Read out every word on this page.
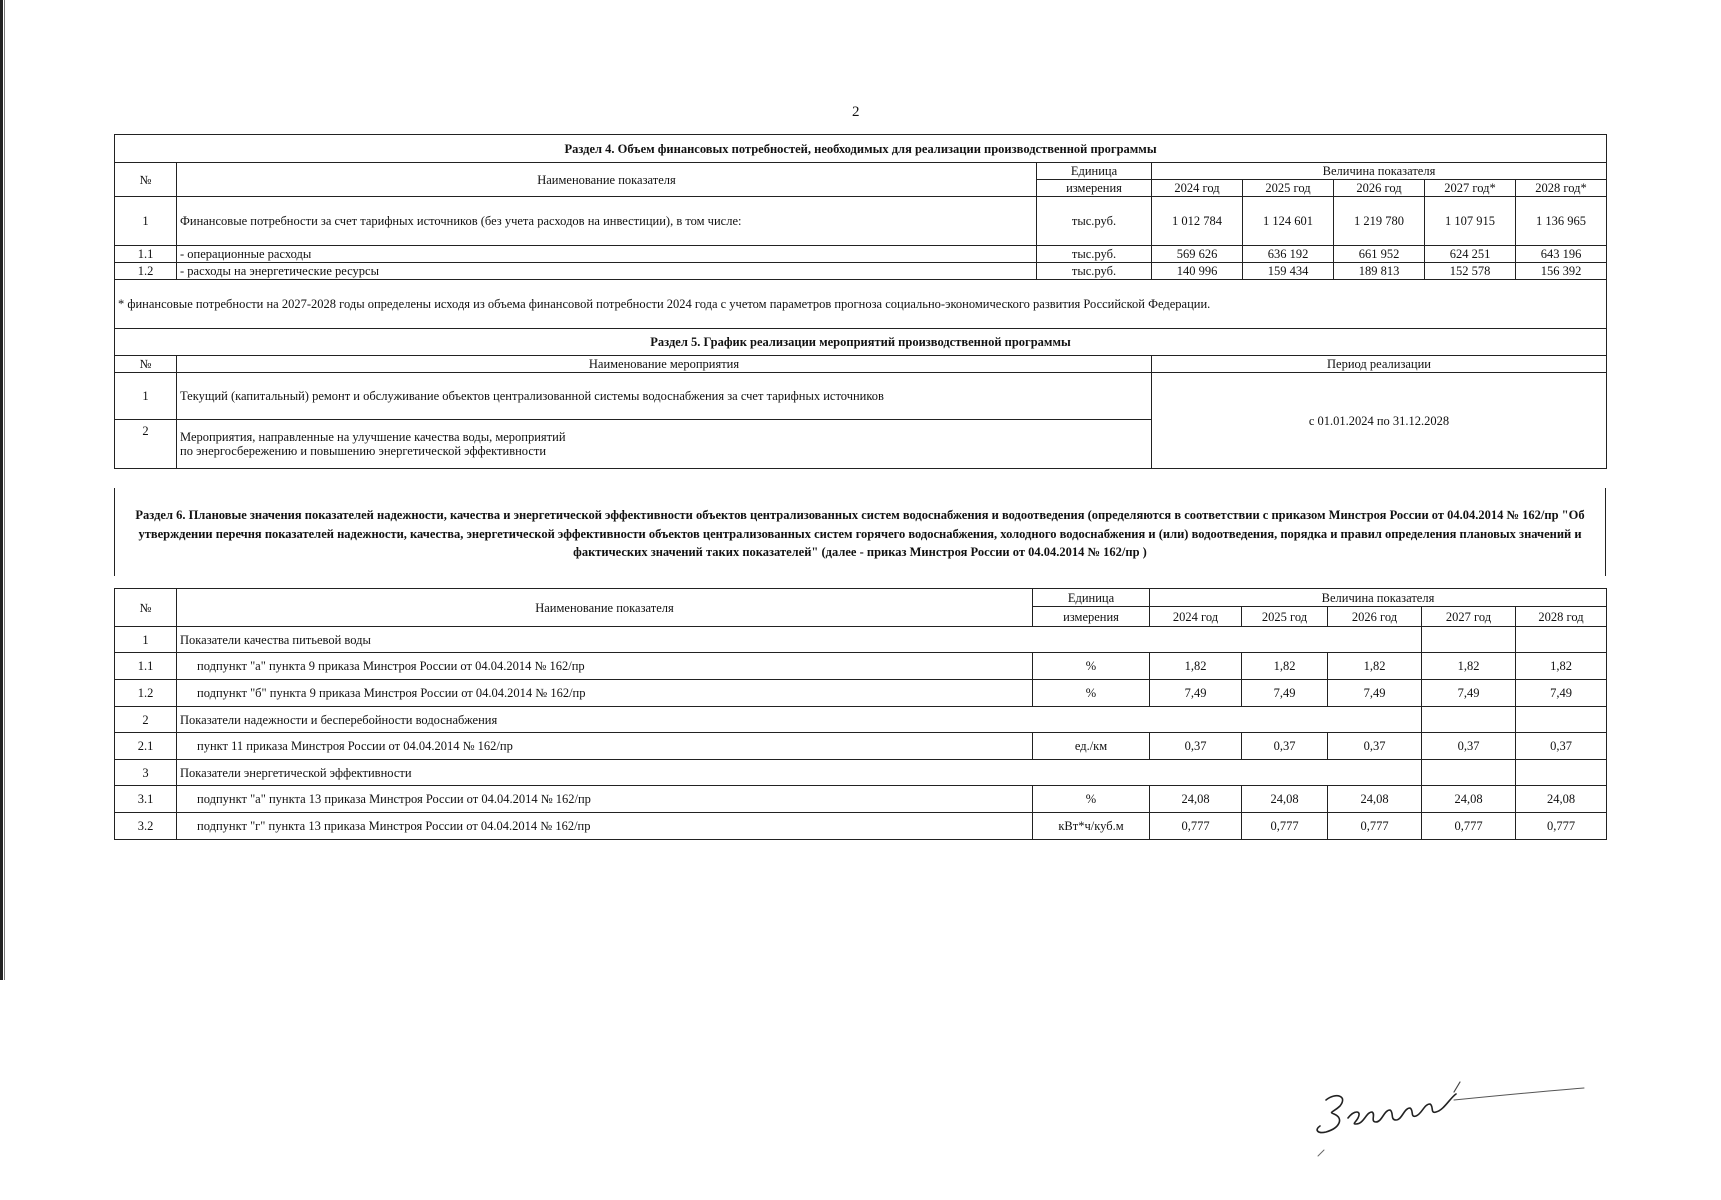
2
Раздел 4. Объем финансовых потребностей, необходимых для реализации производственной программы							
№	Наименование показателя	Единица	Величина показателя				
		измерения	2024 год	2025 год	2026 год	2027 год*	2028 год*
1	Финансовые потребности за счет тарифных источников (без учета расходов на инвестиции), в том числе:	тыс.руб.	1 012 784	1 124 601	1 219 780	1 107 915	1 136 965
1.1	- операционные расходы	тыс.руб.	569 626	636 192	661 952	624 251	643 196
1.2	- расходы на энергетические ресурсы	тыс.руб.	140 996	159 434	189 813	152 578	156 392
* финансовые потребности на 2027-2028 годы определены исходя из объема финансовой потребности 2024 года с учетом параметров прогноза социально-экономического развития Российской Федерации.							
Раздел 5. График реализации мероприятий производственной программы							
№	Наименование мероприятия		Период реализации				
1	Текущий (капитальный) ремонт и обслуживание объектов централизованной системы водоснабжения за счет тарифных источников		с 01.01.2024 по 31.12.2028				
2	Мероприятия, направленные на улучшение качества воды, мероприятий
по энергосбережению и повышению энергетической эффективности						
Раздел 6. Плановые значения показателей надежности, качества и энергетической эффективности объектов централизованных систем водоснабжения и водоотведения (определяются в соответствии с приказом Минстроя России от 04.04.2014 № 162/пр "Об утверждении перечня показателей надежности, качества, энергетической эффективности объектов централизованных систем горячего водоснабжения, холодного водоснабжения и (или) водоотведения, порядка и правил определения плановых значений и фактических значений таких показателей" (далее - приказ Минстроя России от 04.04.2014 № 162/пр )
№	Наименование показателя	Единица	Величина показателя				
		измерения	2024 год	2025 год	2026 год	2027 год	2028 год
1	Показатели качества питьевой воды						
1.1	подпункт "а" пункта 9 приказа Минстроя России от 04.04.2014 № 162/пр	%	1,82	1,82	1,82	1,82	1,82
1.2	подпункт "б" пункта 9 приказа Минстроя России от 04.04.2014 № 162/пр	%	7,49	7,49	7,49	7,49	7,49
2	Показатели надежности и бесперебойности водоснабжения						
2.1	пункт 11 приказа Минстроя России от 04.04.2014 № 162/пр	ед./км	0,37	0,37	0,37	0,37	0,37
3	Показатели энергетической эффективности						
3.1	подпункт "а" пункта 13 приказа Минстроя России от 04.04.2014 № 162/пр	%	24,08	24,08	24,08	24,08	24,08
3.2	подпункт "г" пункта 13 приказа Минстроя России от 04.04.2014 № 162/пр	кВт*ч/куб.м	0,777	0,777	0,777	0,777	0,777
